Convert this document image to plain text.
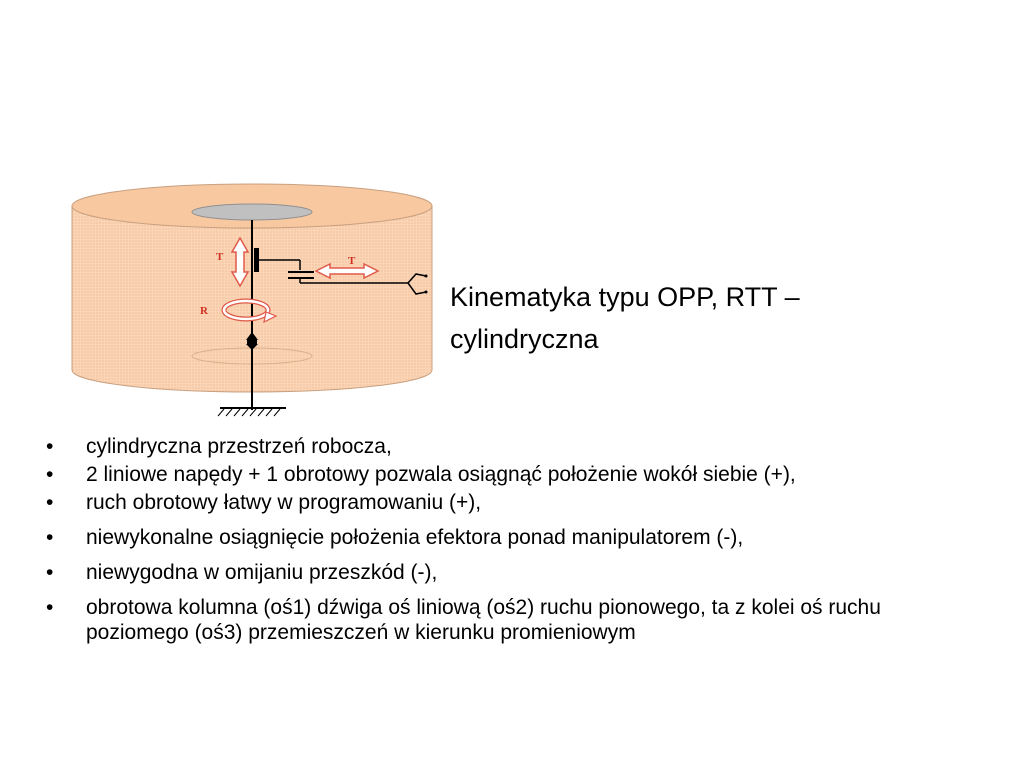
T	T
R	Kinematyka typu OPP, RTT –
cylindryczna
•	cylindryczna przestrzeń robocza,
•	2 liniowe napędy + 1 obrotowy pozwala osiągnąć położenie wokół siebie (+),
•	ruch obrotowy łatwy w programowaniu (+),
•	niewykonalne osiągnięcie położenia efektora ponad manipulatorem (-),
•	niewygodna w omijaniu przeszkód (-),
•	obrotowa kolumna (oś1) dźwiga oś liniową (oś2) ruchu pionowego, ta z kolei oś ruchu poziomego (oś3) przemieszczeń w kierunku promieniowym
